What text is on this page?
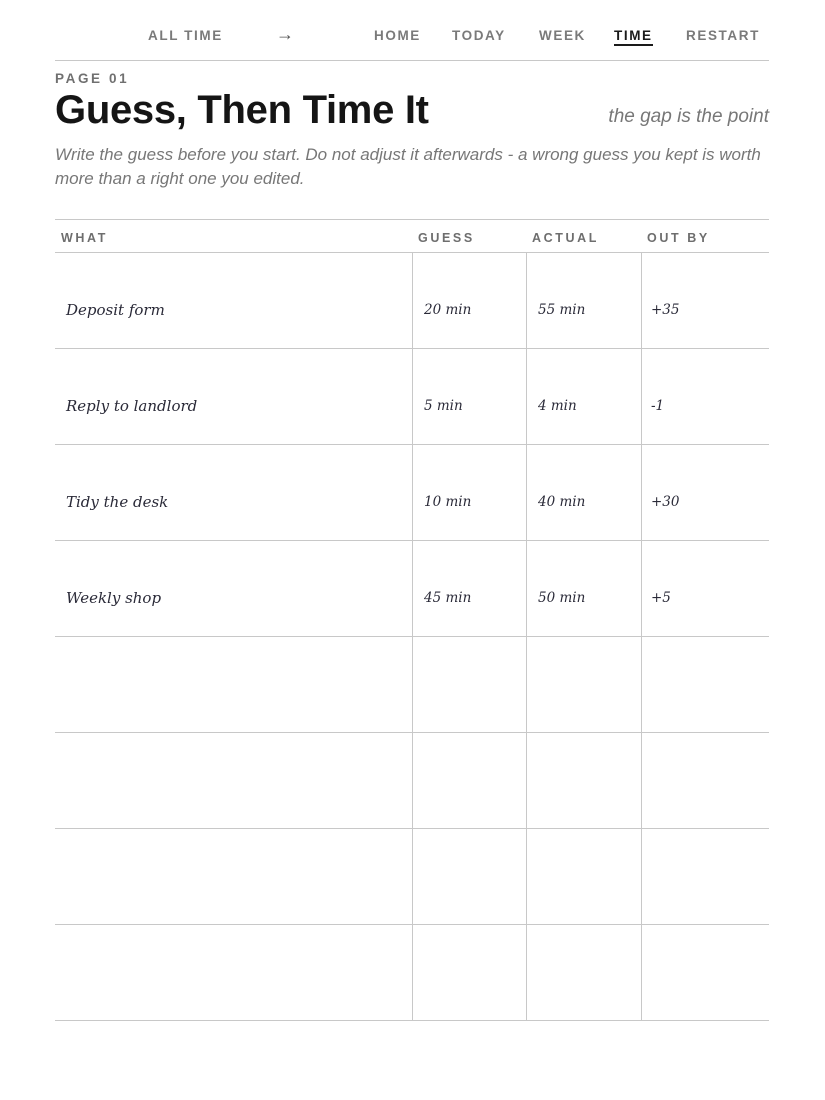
ALL TIME	→	HOME TODAY WEEK TIME RESTART
PAGE 01
Guess, Then Time It	the gap is the point
Write the guess before you start. Do not adjust it afterwards - a wrong guess you kept is worth more than a right one you edited.
WHAT	GUESS	ACTUAL	OUT BY
Deposit form	20 min	55 min	+35
Reply to landlord	5 min	4 min	-1
Tidy the desk	10 min	40 min	+30
Weekly shop	45 min	50 min	+5
